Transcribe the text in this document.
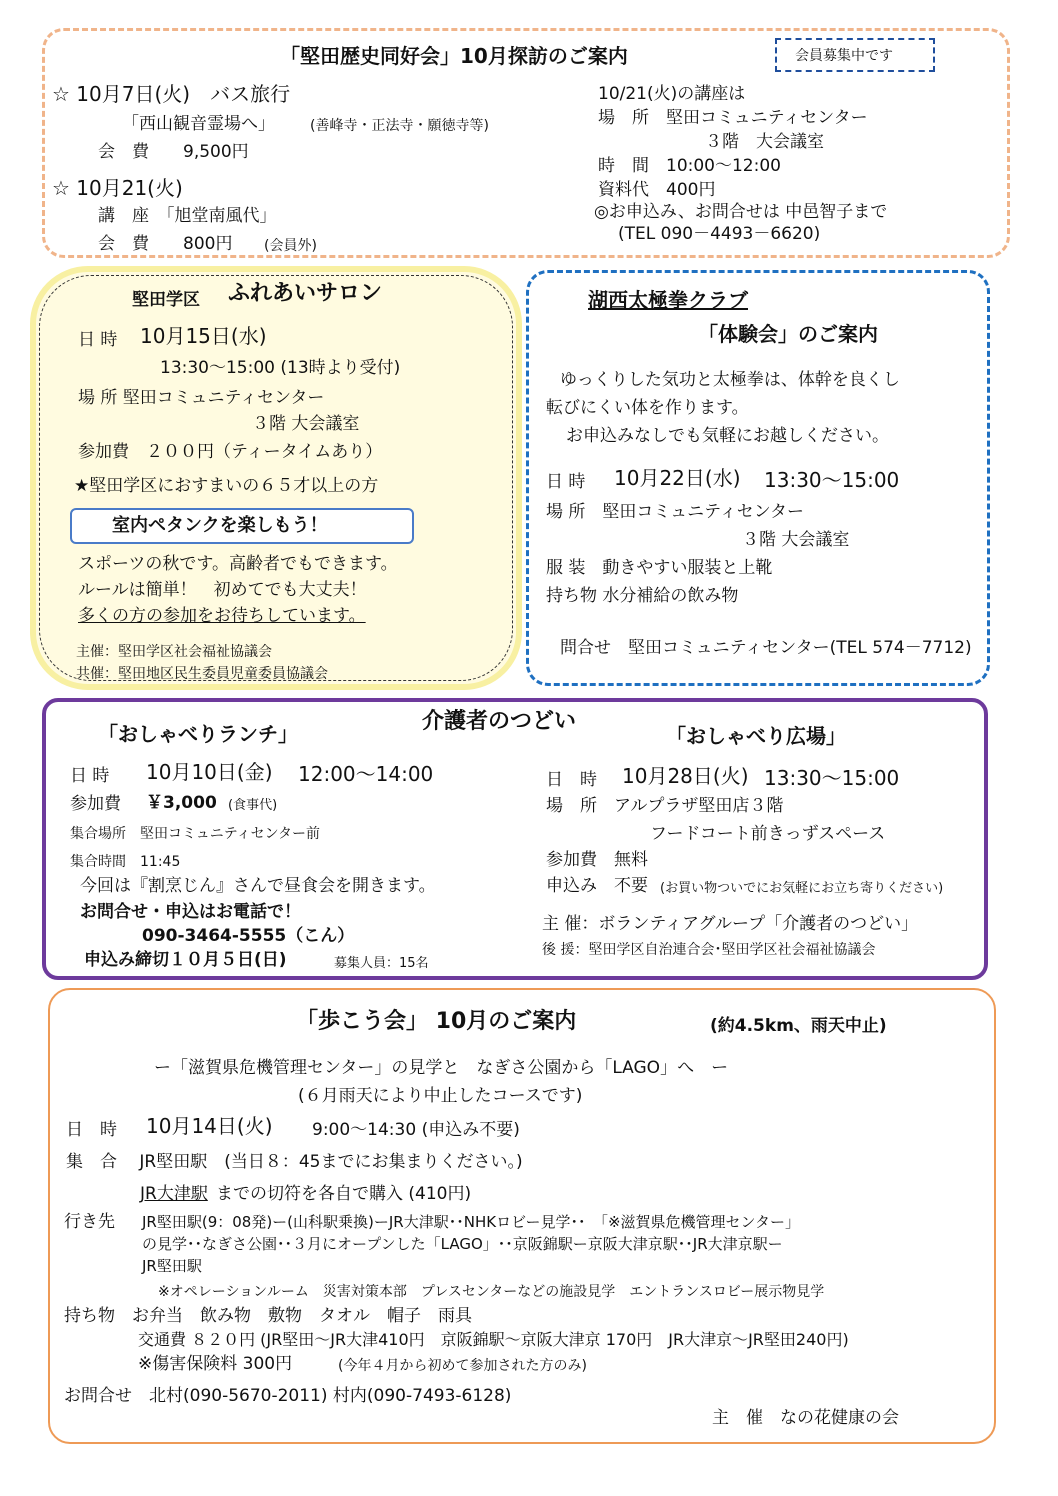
「堅田歴史同好会」10月探訪のご案内	会員募集中です
☆ 10月7日(火)　バス旅行
「西山観音霊場へ」	(善峰寺・正法寺・願徳寺等)
会　費　　9,500円
☆ 10月21(火)
講　座　「旭堂南風代」
会　費　　800円 (会員外)
10/21(火)の講座は
場　所　堅田コミュニティセンター
３階　大会議室
時　間　10:00～12:00
資料代　400円
◎お申込み、お問合せは 中邑智子まで
(TEL 090－4493－6620)
堅田学区 ふれあいサロン
日 時 10月15日(水)
13:30～15:00 (13時より受付)
場 所 堅田コミュニティセンター
３階 大会議室
参加費　２００円（ティータイムあり）
★堅田学区におすまいの６５才以上の方
室内ペタンクを楽しもう！
スポーツの秋です。高齢者でもできます。
ルールは簡単！　初めてでも大丈夫！
多くの方の参加をお待ちしています。
主催：堅田学区社会福祉協議会
共催：堅田地区民生委員児童委員協議会
湖西太極拳クラブ
「体験会」のご案内
ゆっくりした気功と太極拳は、体幹を良くし
転びにくい体を作ります。
お申込みなしでも気軽にお越しください。
日 時 10月22日(水) 13:30～15:00
場 所　堅田コミュニティセンター
３階 大会議室
服 装　動きやすい服装と上靴
持ち物 水分補給の飲み物
問合せ　堅田コミュニティセンター(TEL 574－7712)
介護者のつどい
「おしゃべりランチ」	「おしゃべり広場」
日 時 10月10日(金) 12:00～14:00
参加費 ￥3,000 (食事代)
集合場所　堅田コミュニティセンター前
集合時間　11:45
今回は『割烹じん』さんで昼食会を開きます。
お問合せ・申込はお電話で！
090-3464-5555（こん）
申込み締切１０月５日(日)	募集人員：15名
日　時 10月28日(火) 13:30～15:00
場　所　アルプラザ堅田店３階
フードコート前きっずスペース
参加費　無料
申込み　不要 (お買い物ついでにお気軽にお立ち寄りください)
主 催：ボランティアグループ「介護者のつどい」
後 援：堅田学区自治連合会･堅田学区社会福祉協議会
「歩こう会」 10月のご案内	(約4.5km、雨天中止)
ー「滋賀県危機管理センター」の見学と　なぎさ公園から「LAGO」へ　ー
(６月雨天により中止したコースです)
日　時 10月14日(火) 9:00～14:30 (申込み不要)
集　合　 JR堅田駅　(当日８：45までにお集まりください。)
JR大津駅 までの切符を各自で購入 (410円)
行き先 JR堅田駅(9：08発)ー(山科駅乗換)ーJR大津駅･･NHKロビー見学･･　「※滋賀県危機管理センター」
の見学･･なぎさ公園･･３月にオープンした「LAGO」･･京阪錦駅ー京阪大津京駅･･JR大津京駅ー
JR堅田駅
※オペレーションルーム　災害対策本部　プレスセンターなどの施設見学　エントランスロビー展示物見学
持ち物　お弁当　飲み物　敷物　タオル　帽子　雨具
交通費 ８２０円 (JR堅田～JR大津410円　京阪錦駅～京阪大津京 170円　JR大津京～JR堅田240円)
※傷害保険料 300円	(今年４月から初めて参加された方のみ)
お問合せ　北村(090-5670-2011) 村内(090-7493-6128)
主　催　なの花健康の会
